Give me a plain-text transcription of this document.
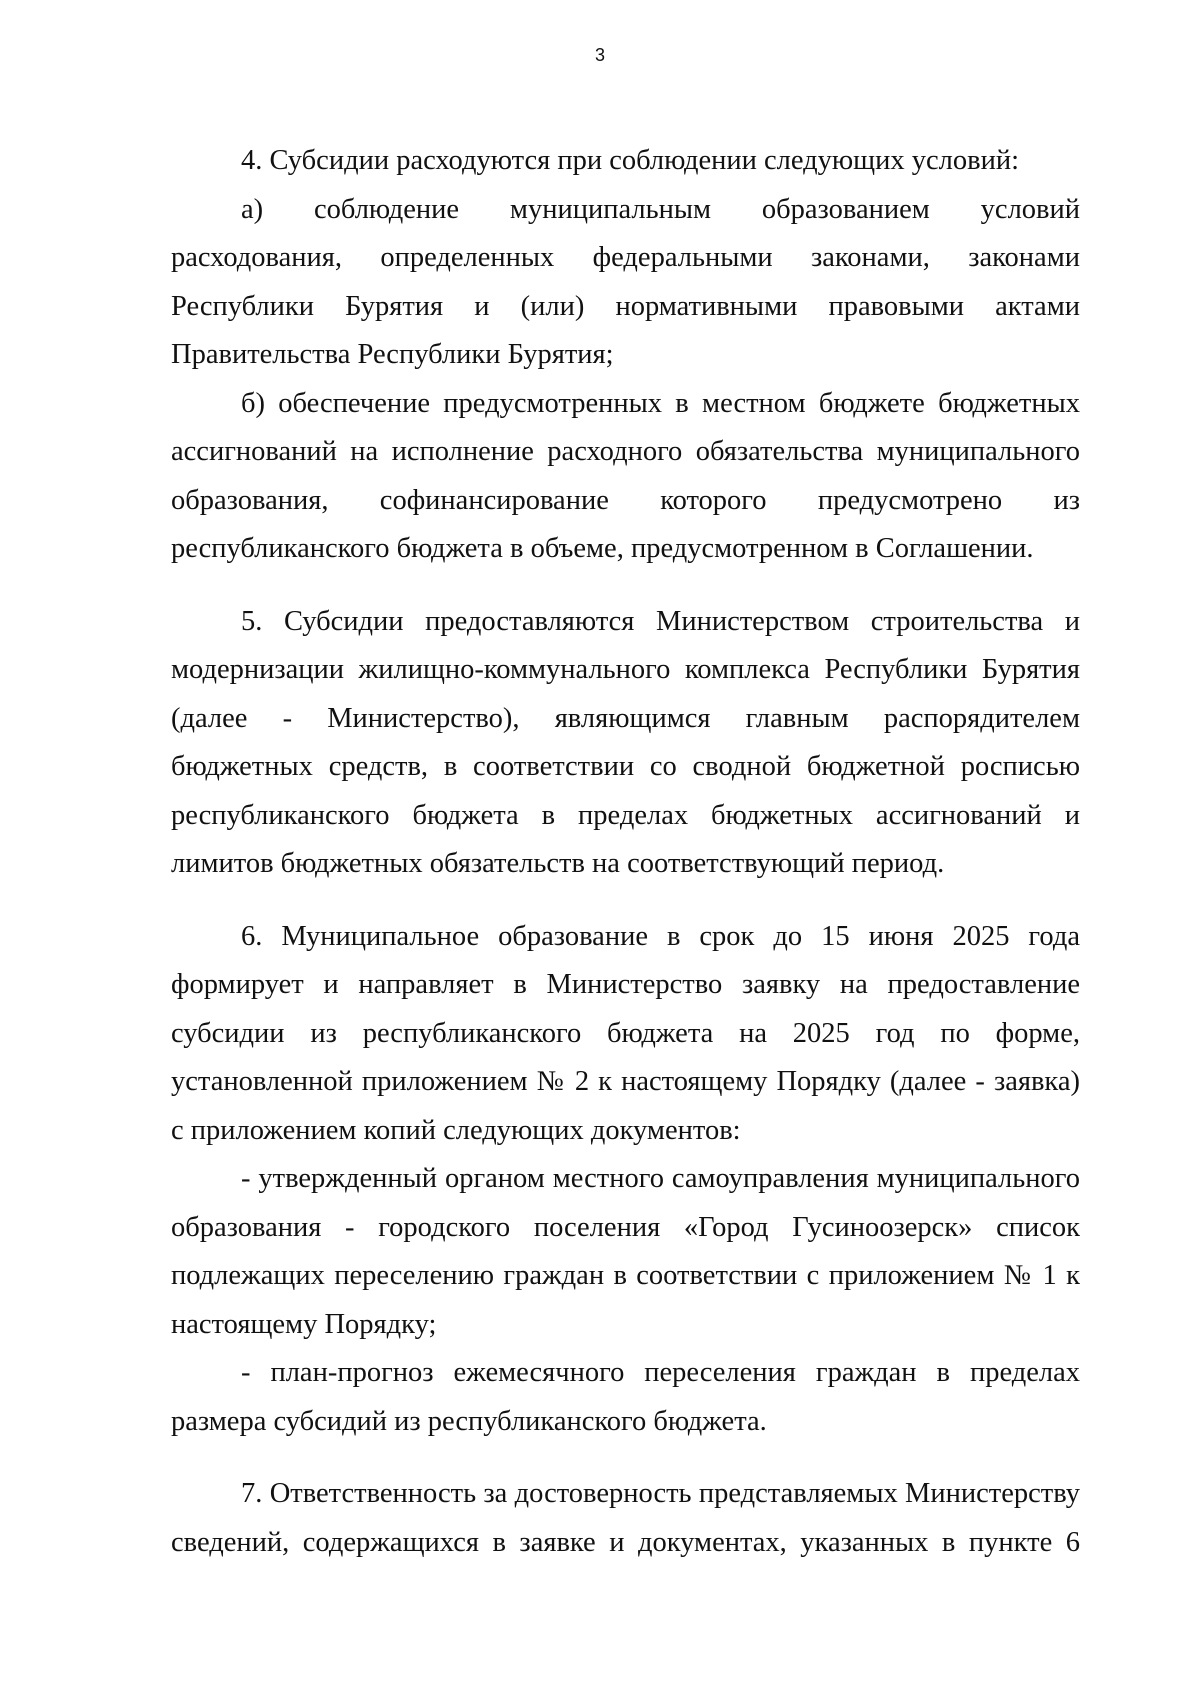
3

4. Субсидии расходуются при соблюдении следующих условий:

а) соблюдение муниципальным образованием условий расходования, определенных федеральными законами, законами Республики Бурятия и (или) нормативными правовыми актами Правительства Республики Бурятия;

б) обеспечение предусмотренных в местном бюджете бюджетных ассигнований на исполнение расходного обязательства муниципального образования, софинансирование которого предусмотрено из республиканского бюджета в объеме, предусмотренном в Соглашении.

5. Субсидии предоставляются Министерством строительства и модернизации жилищно-коммунального комплекса Республики Бурятия (далее - Министерство), являющимся главным распорядителем бюджетных средств, в соответствии со сводной бюджетной росписью республиканского бюджета в пределах бюджетных ассигнований и лимитов бюджетных обязательств на соответствующий период.

6. Муниципальное образование в срок до 15 июня 2025 года формирует и направляет в Министерство заявку на предоставление субсидии из республиканского бюджета на 2025 год по форме, установленной приложением № 2 к настоящему Порядку (далее - заявка) с приложением копий следующих документов:

- утвержденный органом местного самоуправления муниципального образования - городского поселения «Город Гусиноозерск» список подлежащих переселению граждан в соответствии с приложением № 1 к настоящему Порядку;

- план-прогноз ежемесячного переселения граждан в пределах размера субсидий из республиканского бюджета.

7. Ответственность за достоверность представляемых Министерству сведений, содержащихся в заявке и документах, указанных в пункте 6
